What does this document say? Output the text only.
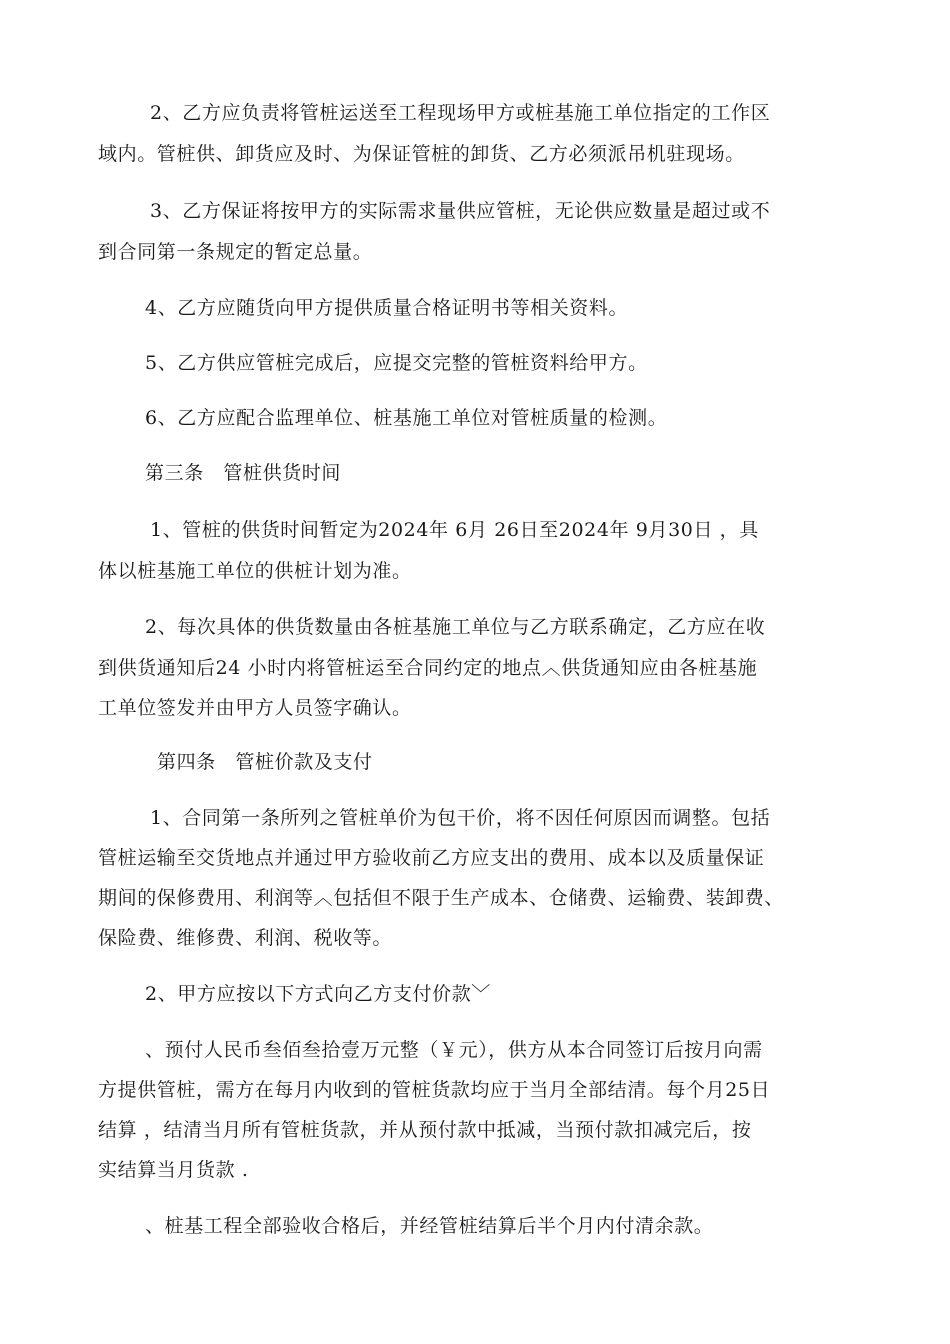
2、乙方应负责将管桩运送至工程现场甲方或桩基施工单位指定的工作区
域内。管桩供、卸货应及时、为保证管桩的卸货、乙方必须派吊机驻现场。
3、乙方保证将按甲方的实际需求量供应管桩，无论供应数量是超过或不
到合同第一条规定的暂定总量。
4、乙方应随货向甲方提供质量合格证明书等相关资料。
5、乙方供应管桩完成后，应提交完整的管桩资料给甲方。
6、乙方应配合监理单位、桩基施工单位对管桩质量的检测。
第三条　管桩供货时间
1、管桩的供货时间暂定为2024年 6月 26日至2024年 9月30日 ，具
体以桩基施工单位的供桩计划为准。
2、每次具体的供货数量由各桩基施工单位与乙方联系确定，乙方应在收
到供货通知后24 小时内将管桩运至合同约定的地点︿供货通知应由各桩基施
工单位签发并由甲方人员签字确认。
第四条　管桩价款及支付
1、合同第一条所列之管桩单价为包干价，将不因任何原因而调整。包括
管桩运输至交货地点并通过甲方验收前乙方应支出的费用、成本以及质量保证
期间的保修费用、利润等︿包括但不限于生产成本、仓储费、运输费、装卸费、
保险费、维修费、利润、税收等。
2、甲方应按以下方式向乙方支付价款﹀
、预付人民币叁佰叁拾壹万元整（￥元），供方从本合同签订后按月向需
方提供管桩，需方在每月内收到的管桩货款均应于当月全部结清。每个月25日
结算 ，结清当月所有管桩货款，并从预付款中抵减，当预付款扣减完后，按
实结算当月货款 .
、桩基工程全部验收合格后，并经管桩结算后半个月内付清余款。
